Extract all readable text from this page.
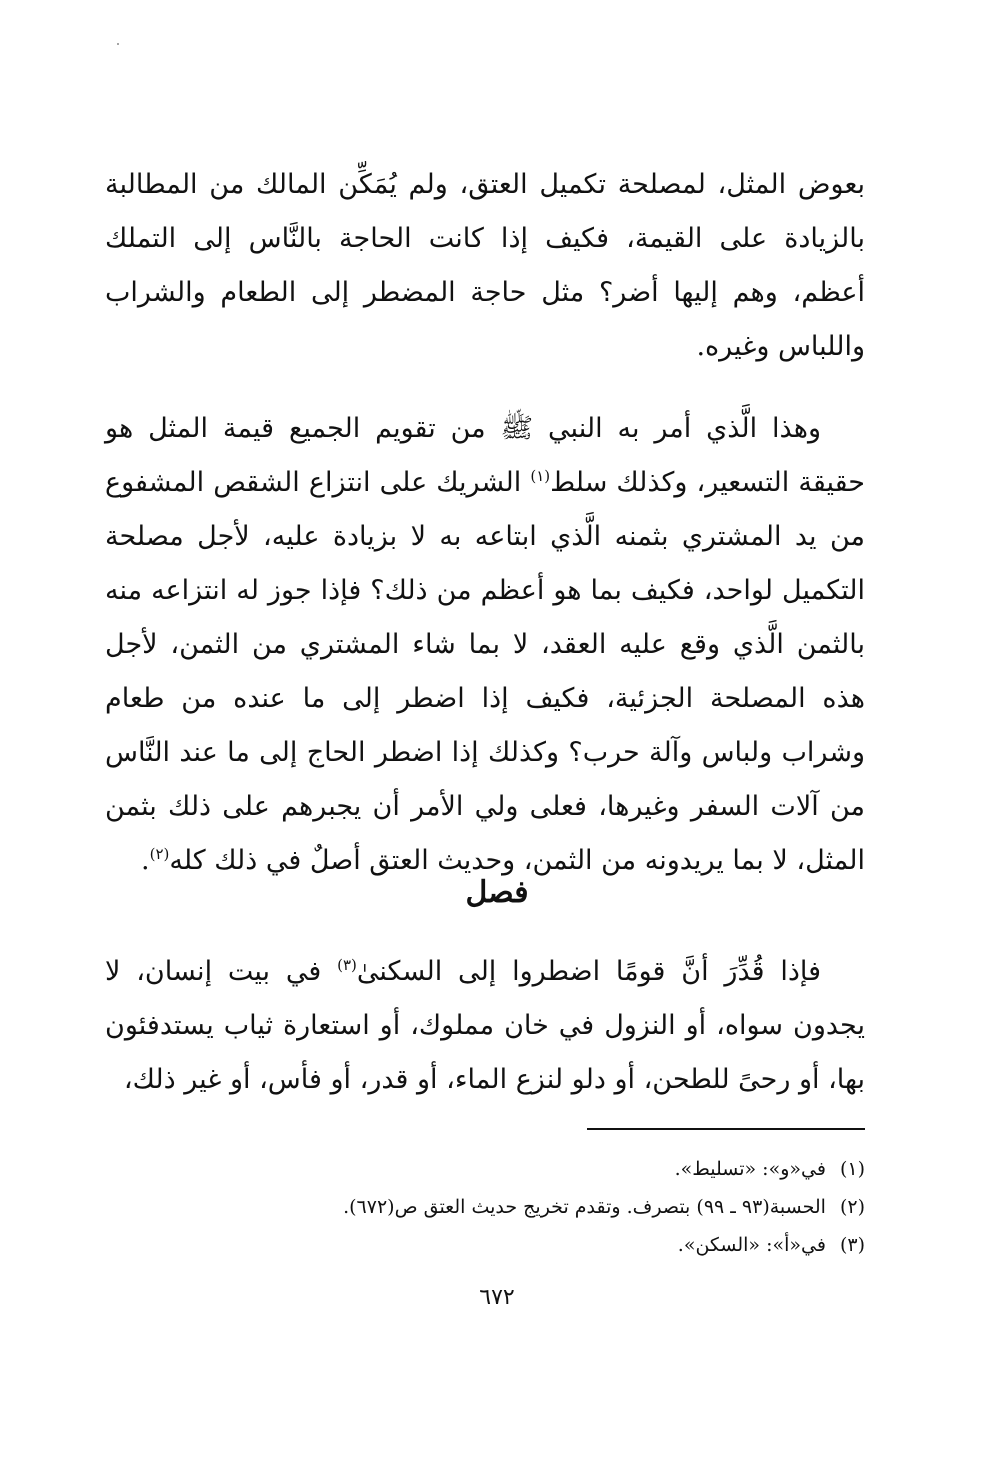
بعوض المثل، لمصلحة تكميل العتق، ولم يُمَكِّن المالك من المطالبة بالزيادة على القيمة، فكيف إذا كانت الحاجة بالنَّاس إلى التملك أعظم، وهم إليها أضر؟ مثل حاجة المضطر إلى الطعام والشراب واللباس وغيره.

وهذا الَّذي أمر به النبي ﷺ من تقويم الجميع قيمة المثل هو حقيقة التسعير، وكذلك سلط$^{(١)}$ الشريك على انتزاع الشقص المشفوع من يد المشتري بثمنه الَّذي ابتاعه به لا بزيادة عليه، لأجل مصلحة التكميل لواحد، فكيف بما هو أعظم من ذلك؟ فإذا جوز له انتزاعه منه بالثمن الَّذي وقع عليه العقد، لا بما شاء المشتري من الثمن، لأجل هذه المصلحة الجزئية، فكيف إذا اضطر إلى ما عنده من طعام وشراب ولباس وآلة حرب؟ وكذلك إذا اضطر الحاج إلى ما عند النَّاس من آلات السفر وغيرها، فعلى ولي الأمر أن يجبرهم على ذلك بثمن المثل، لا بما يريدونه من الثمن، وحديث العتق أصلٌ في ذلك كله$^{(٢)}$.

فصل

فإذا قُدِّرَ أنَّ قومًا اضطروا إلى السكنىٰ$^{(٣)}$ في بيت إنسان، لا يجدون سواه، أو النزول في خان مملوك، أو استعارة ثياب يستدفئون بها، أو رحىً للطحن، أو دلو لنزع الماء، أو قدر، أو فأس، أو غير ذلك،

(١)
في«و»: «تسليط».
(٢)
الحسبة(٩٣ ـ ٩٩) بتصرف. وتقدم تخريج حديث العتق ص(٦٧٢).
(٣)
في«أ»: «السكن».
٦٧٢
